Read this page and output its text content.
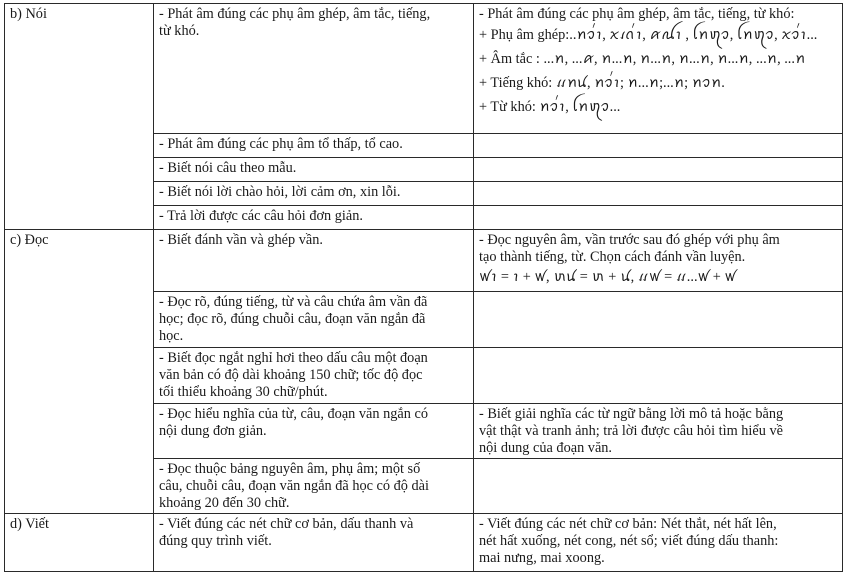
b) Nói	- Phát âm đúng các phụ âm ghép, âm tắc, tiếng,
từ khó.	- Phát âm đúng các phụ âm ghép, âm tắc, tiếng, từ khó:
+ Phụ âm ghép:..ꪀꪫ꪿ꪱ, ꪎꪹꪒ꪿ꪱ, ꪁꪏꪱ , ꪶꪀꪨꪫ, ꪶꪀꪨꪫ, ꪎꪫ꪿ꪱ...
+ Âm tắc : ...ꪀ, ...ꪁ, ꪀ...ꪀ, ꪀ...ꪀ, ꪀ...ꪀ, ꪀ...ꪀ, ...ꪀ, ...ꪀ
+ Tiếng khó: ꪵꪀꪙ, ꪀꪫ꪿ꪱ; ꪀ...ꪀ;...ꪀ; ꪀꪫꪀ.
+ Từ khó: ꪀꪫ꪿ꪱ, ꪶꪀꪨꪫ...

	- Phát âm đúng các phụ âm tổ thấp, tổ cao.	
	- Biết nói câu theo mẫu.	
	- Biết nói lời chào hỏi, lời cảm ơn, xin lỗi.	
	- Trả lời được các câu hỏi đơn giản.	
c) Đọc	- Biết đánh vần và ghép vần.	- Đọc nguyên âm, vần trước sau đó ghép với phụ âm
tạo thành tiếng, từ. Chọn cách đánh vần luyện.
ꪝꪱ = ꪱ + ꪝ, ꪬꪙ = ꪬ + ꪙ, ꪵꪝ = ꪵ...ꪝ + ꪝ

	- Đọc rõ, đúng tiếng, từ và câu chứa âm vần đã
học; đọc rõ, đúng chuỗi câu, đoạn văn ngắn đã
học.	

	- Biết đọc ngắt nghỉ hơi theo dấu câu một đoạn
văn bản có độ dài khoảng 150 chữ; tốc độ đọc
tối thiểu khoảng 30 chữ/phút.	

	- Đọc hiểu nghĩa của từ, câu, đoạn văn ngắn có
nội dung đơn giản.	- Biết giải nghĩa các từ ngữ bằng lời mô tả hoặc bằng
vật thật và tranh ảnh; trả lời được câu hỏi tìm hiểu về
nội dung của đoạn văn.

	- Đọc thuộc bảng nguyên âm, phụ âm; một số
câu, chuỗi câu, đoạn văn ngắn đã học có độ dài
khoảng 20 đến 30 chữ.	

d) Viết	- Viết đúng các nét chữ cơ bản, dấu thanh và
đúng quy trình viết.	- Viết đúng các nét chữ cơ bản: Nét thắt, nét hất lên,
nét hất xuống, nét cong, nét sổ; viết đúng dấu thanh:
mai nưng, mai xoong.
